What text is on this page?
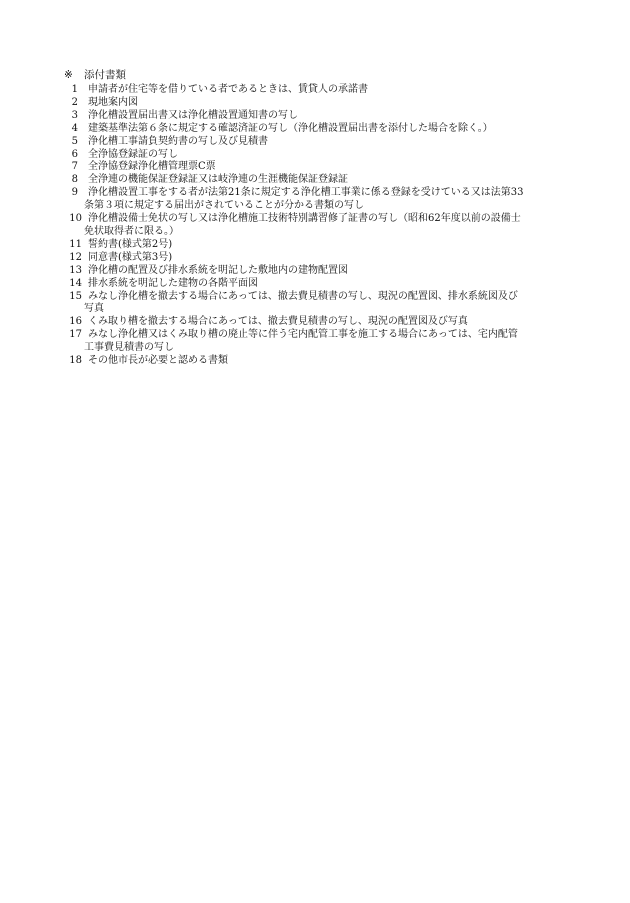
※ 添付書類
1 申請者が住宅等を借りている者であるときは、賃貸人の承諾書
2 現地案内図
3 浄化槽設置届出書又は浄化槽設置通知書の写し
4 建築基準法第６条に規定する確認済証の写し（浄化槽設置届出書を添付した場合を除く。）
5 浄化槽工事請負契約書の写し及び見積書
6 全浄協登録証の写し
7 全浄協登録浄化槽管理票C票
8 全浄連の機能保証登録証又は岐浄連の生涯機能保証登録証
9 浄化槽設置工事をする者が法第21条に規定する浄化槽工事業に係る登録を受けている又は法第33
条第３項に規定する届出がされていることが分かる書類の写し
10 浄化槽設備士免状の写し又は浄化槽施工技術特別講習修了証書の写し（昭和62年度以前の設備士
免状取得者に限る。）
11 誓約書(様式第2号)
12 同意書(様式第3号)
13 浄化槽の配置及び排水系統を明記した敷地内の建物配置図
14 排水系統を明記した建物の各階平面図
15 みなし浄化槽を撤去する場合にあっては、撤去費見積書の写し、現況の配置図、排水系統図及び
写真
16 くみ取り槽を撤去する場合にあっては、撤去費見積書の写し、現況の配置図及び写真
17 みなし浄化槽又はくみ取り槽の廃止等に伴う宅内配管工事を施工する場合にあっては、宅内配管
工事費見積書の写し
18 その他市長が必要と認める書類
